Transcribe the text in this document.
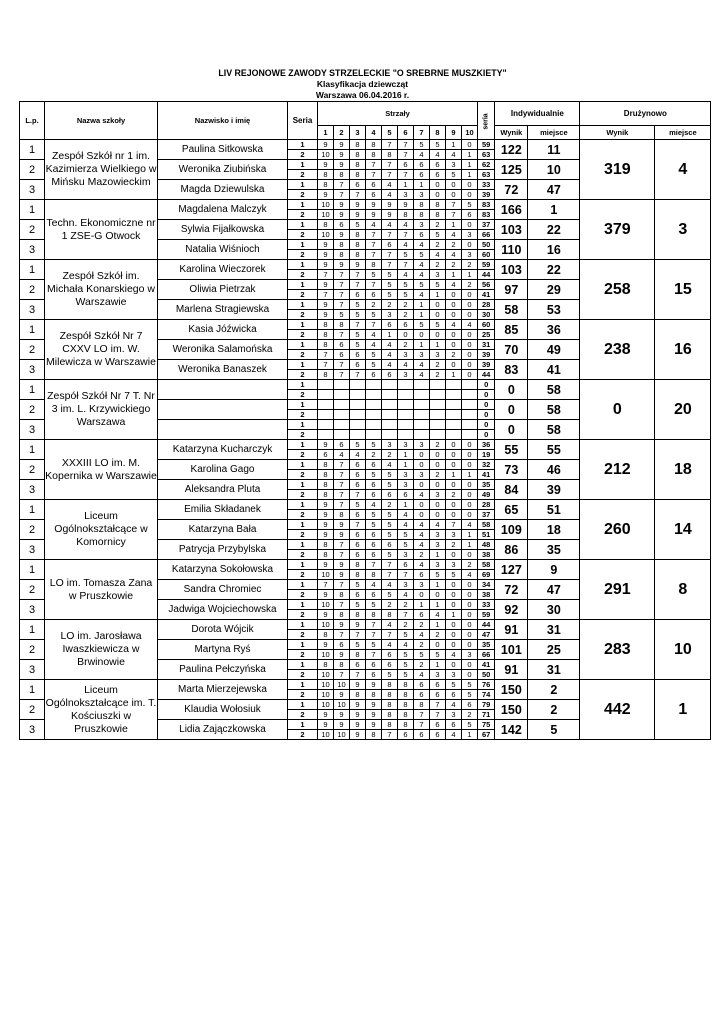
LIV REJONOWE ZAWODY STRZELECKIE "O SREBRNE MUSZKIETY"
Klasyfikacja dziewcząt
Warszawa 06.04.2016 r.
L.p.	Nazwa szkoły	Nazwisko i imię	Seria	Strzały										seria	Indywidualnie		Drużynowo	
				1	2	3	4	5	6	7	8	9	10		Wynik	miejsce	Wynik	miejsce
1	Zespół Szkół nr 1 im. Kazimierza Wielkiego w Mińsku Mazowieckim	Paulina Sitkowska	1	9	9	8	8	7	7	5	5	1	0	59	122	11	319	4
			2	10	9	8	8	8	7	4	4	4	1	63				
2		Weronika Ziubińska	1	9	9	8	7	7	6	6	6	3	1	62	125	10		
			2	8	8	8	7	7	7	6	6	5	1	63				
3		Magda Dziewulska	1	8	7	6	6	4	1	1	0	0	0	33	72	47		
			2	9	7	7	6	4	3	3	0	0	0	39				
1	Techn. Ekonomiczne nr 1 ZSE-G Otwock	Magdalena Malczyk	1	10	9	9	9	9	9	8	8	7	5	83	166	1	379	3
			2	10	9	9	9	9	8	8	8	7	6	83				
2		Sylwia Fijałkowska	1	8	6	5	4	4	4	3	2	1	0	37	103	22		
			2	10	9	8	7	7	7	6	5	4	3	66				
3		Natalia Wiśnioch	1	9	8	8	7	6	4	4	2	2	0	50	110	16		
			2	9	8	8	7	7	5	5	4	4	3	60				
1	Zespół Szkół im. Michała Konarskiego w Warszawie	Karolina Wieczorek	1	9	9	9	8	7	7	4	2	2	2	59	103	22	258	15
			2	7	7	7	5	5	4	4	3	1	1	44				
2		Oliwia Pietrzak	1	9	7	7	7	5	5	5	5	4	2	56	97	29		
			2	7	7	6	6	5	5	4	1	0	0	41				
3		Marlena Stragiewska	1	9	7	5	2	2	2	1	0	0	0	28	58	53		
			2	9	5	5	5	3	2	1	0	0	0	30				
1	Zespół Szkół Nr 7 CXXV LO im. W. Milewicza w Warszawie	Kasia Jóźwicka	1	8	8	7	7	6	6	5	5	4	4	60	85	36	238	16
			2	8	7	5	4	1	0	0	0	0	0	25				
2		Weronika Salamońska	1	8	6	5	4	4	2	1	1	0	0	31	70	49		
			2	7	6	6	5	4	3	3	3	2	0	39				
3		Weronika Banaszek	1	7	7	6	5	4	4	4	2	0	0	39	83	41		
			2	8	7	7	6	6	3	4	2	1	0	44				
1	Zespół Szkół Nr 7 T. Nr 3 im. L. Krzywickiego Warszawa		1											0	0	58	0	20
			2											0				
2			1											0	0	58		
			2											0				
3			1											0	0	58		
			2											0				
1	XXXIII LO im. M. Kopernika w Warszawie	Katarzyna Kucharczyk	1	9	6	5	5	3	3	3	2	0	0	36	55	55	212	18
			2	6	4	4	2	2	1	0	0	0	0	19				
2		Karolina Gago	1	8	7	6	6	4	1	0	0	0	0	32	73	46		
			2	8	7	6	5	5	3	3	2	1	1	41				
3		Aleksandra Pluta	1	8	7	6	6	5	3	0	0	0	0	35	84	39		
			2	8	7	7	6	6	6	4	3	2	0	49				
1	Liceum Ogólnokształcące w Komornicy	Emilia Składanek	1	9	7	5	4	2	1	0	0	0	0	28	65	51	260	14
			2	9	8	6	5	5	4	0	0	0	0	37				
2		Katarzyna Bała	1	9	9	7	5	5	4	4	4	7	4	58	109	18		
			2	9	9	6	6	5	5	4	3	3	1	51				
3		Patrycja Przybylska	1	8	7	6	6	6	5	4	3	2	1	48	86	35		
			2	8	7	6	6	5	3	2	1	0	0	38				
1	LO im. Tomasza Zana w Pruszkowie	Katarzyna Sokołowska	1	9	9	8	7	7	6	4	3	3	2	58	127	9	291	8
			2	10	9	8	8	7	7	6	5	5	4	69				
2		Sandra Chromiec	1	7	7	5	4	4	3	3	1	0	0	34	72	47		
			2	9	8	6	6	5	4	0	0	0	0	38				
3		Jadwiga Wojciechowska	1	10	7	5	5	2	2	1	1	0	0	33	92	30		
			2	9	8	8	8	8	7	6	4	1	0	59				
1	LO im. Jarosława Iwaszkiewicza w Brwinowie	Dorota Wójcik	1	10	9	9	7	4	2	2	1	0	0	44	91	31	283	10
			2	8	7	7	7	7	5	4	2	0	0	47				
2		Martyna Ryś	1	9	6	5	5	4	4	2	0	0	0	35	101	25		
			2	10	9	8	7	6	5	5	5	4	3	66				
3		Paulina Pełczyńska	1	8	8	6	6	6	5	2	1	0	0	41	91	31		
			2	10	7	7	6	5	5	4	3	3	0	50				
1	Liceum Ogólnokształcące im. T. Kościuszki w Pruszkowie	Marta Mierzejewska	1	10	10	9	9	8	8	6	6	5	5	76	150	2	442	1
			2	10	9	8	8	8	8	6	6	6	5	74				
2		Klaudia Wołosiuk	1	10	10	9	9	8	8	8	7	4	6	79	150	2		
			2	9	9	9	9	8	8	7	7	3	2	71				
3		Lidia Zajączkowska	1	9	9	9	9	8	8	7	6	6	5	75	142	5		
			2	10	10	9	8	7	6	6	6	4	1	67				
